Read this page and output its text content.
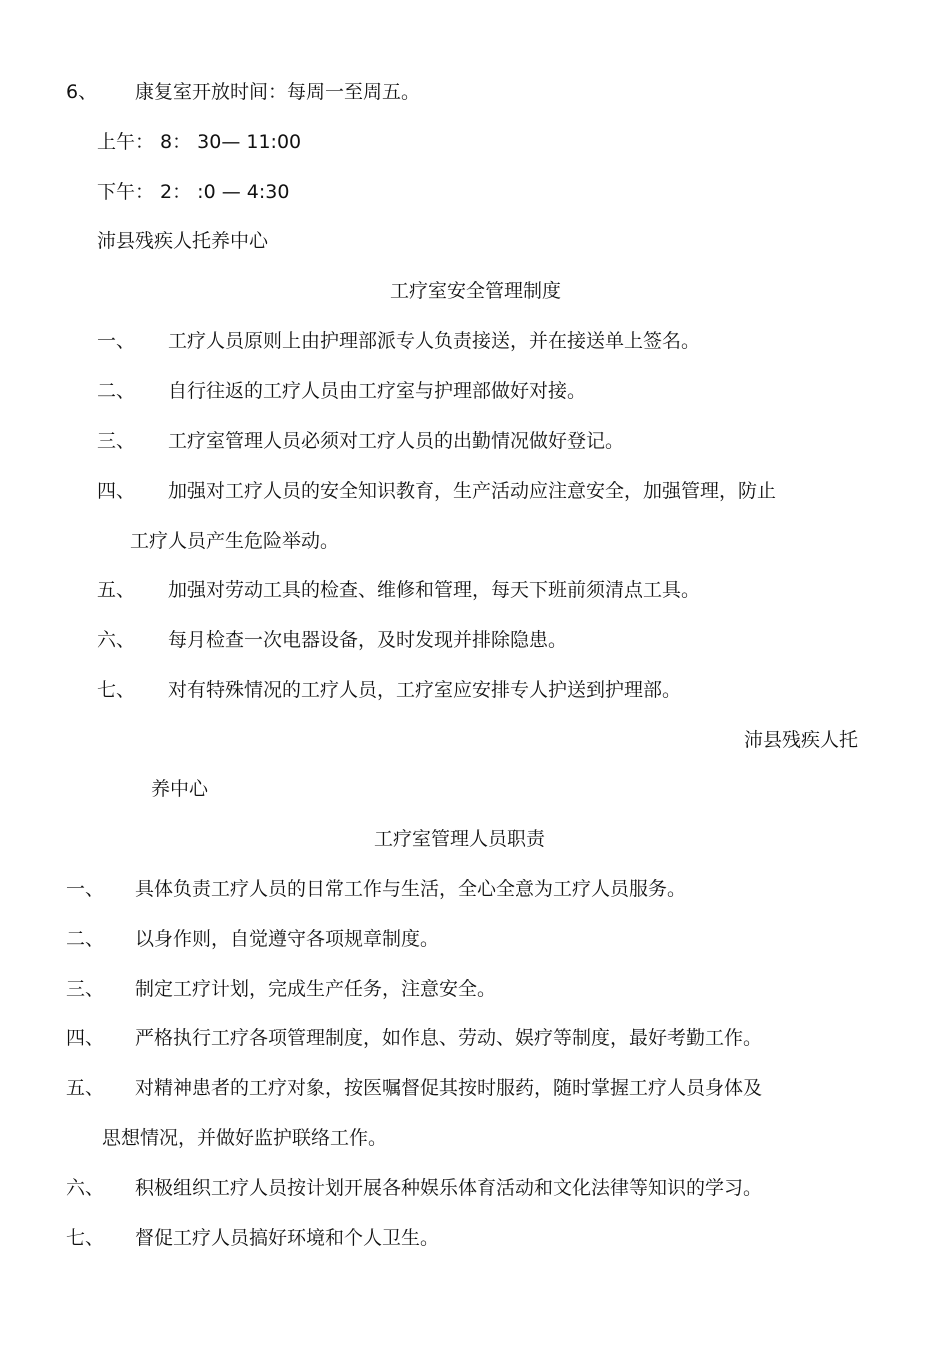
6、 康复室开放时间：每周一至周五。
上午： 8： 30— 11:00
下午： 2： :0 — 4:30
沛县残疾人托养中心
工疗室安全管理制度
一、 工疗人员原则上由护理部派专人负责接送，并在接送单上签名。
二、 自行往返的工疗人员由工疗室与护理部做好对接。
三、 工疗室管理人员必须对工疗人员的出勤情况做好登记。
四、 加强对工疗人员的安全知识教育，生产活动应注意安全，加强管理，防止
工疗人员产生危险举动。
五、 加强对劳动工具的检查、维修和管理，每天下班前须清点工具。
六、 每月检查一次电器设备，及时发现并排除隐患。
七、 对有特殊情况的工疗人员，工疗室应安排专人护送到护理部。
沛县残疾人托
养中心
工疗室管理人员职责
一、 具体负责工疗人员的日常工作与生活，全心全意为工疗人员服务。
二、 以身作则，自觉遵守各项规章制度。
三、 制定工疗计划，完成生产任务，注意安全。
四、 严格执行工疗各项管理制度，如作息、劳动、娱疗等制度，最好考勤工作。
五、 对精神患者的工疗对象，按医嘱督促其按时服药，随时掌握工疗人员身体及
思想情况，并做好监护联络工作。
六、 积极组织工疗人员按计划开展各种娱乐体育活动和文化法律等知识的学习。
七、 督促工疗人员搞好环境和个人卫生。
